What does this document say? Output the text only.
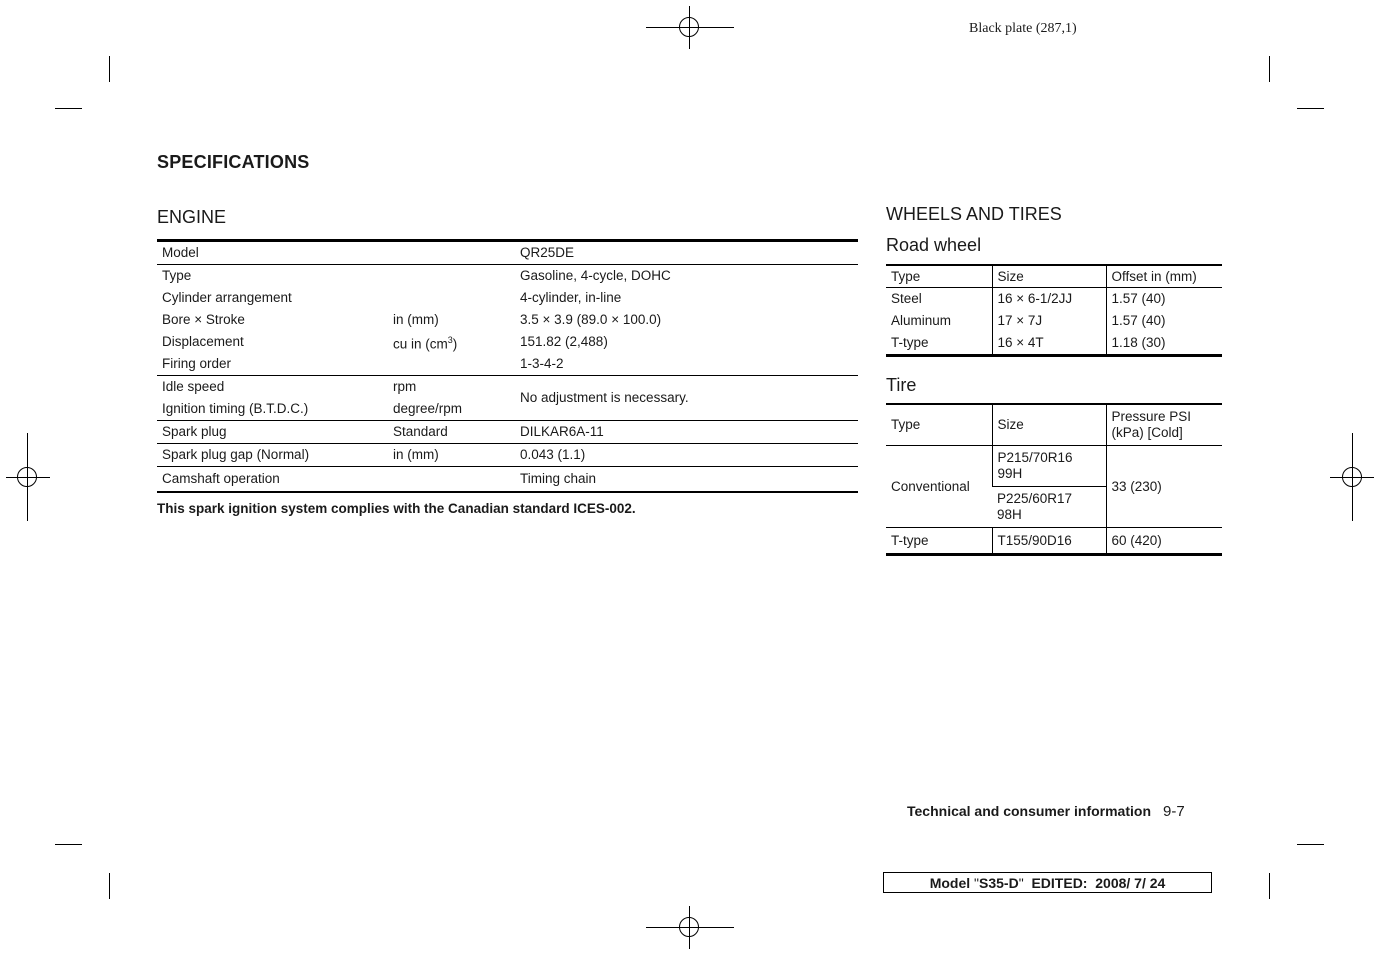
Black plate (287,1)
SPECIFICATIONS
ENGINE
Model		QR25DE
Type		Gasoline, 4-cycle, DOHC
Cylinder arrangement		4-cylinder, in-line
Bore × Stroke	in (mm)	3.5 × 3.9 (89.0 × 100.0)
Displacement	cu in $(cm^3)$	151.82 (2,488)
Firing order		1-3-4-2
Idle speed	rpm	No adjustment is necessary.
Ignition timing (B.T.D.C.)	degree/rpm	
Spark plug	Standard	DILKAR6A-11
Spark plug gap (Normal)	in (mm)	0.043 (1.1)
Camshaft operation		Timing chain
This spark ignition system complies with the Canadian standard ICES-002.
WHEELS AND TIRES
Road wheel
Type	Size	Offset in (mm)
Steel	16 × 6-1/2JJ	1.57 (40)
Aluminum	17 × 7J	1.57 (40)
T-type	16 × 4T	1.18 (30)
Tire
Type	Size	Pressure PSI (kPa) [Cold]
Conventional	P215/70R16 99H	33 (230)
	P225/60R17 98H	
T-type	T155/90D16	60 (420)
Technical and consumer information 9-7
Model
" S35-D "
EDITED:
2008/ 7/ 24
